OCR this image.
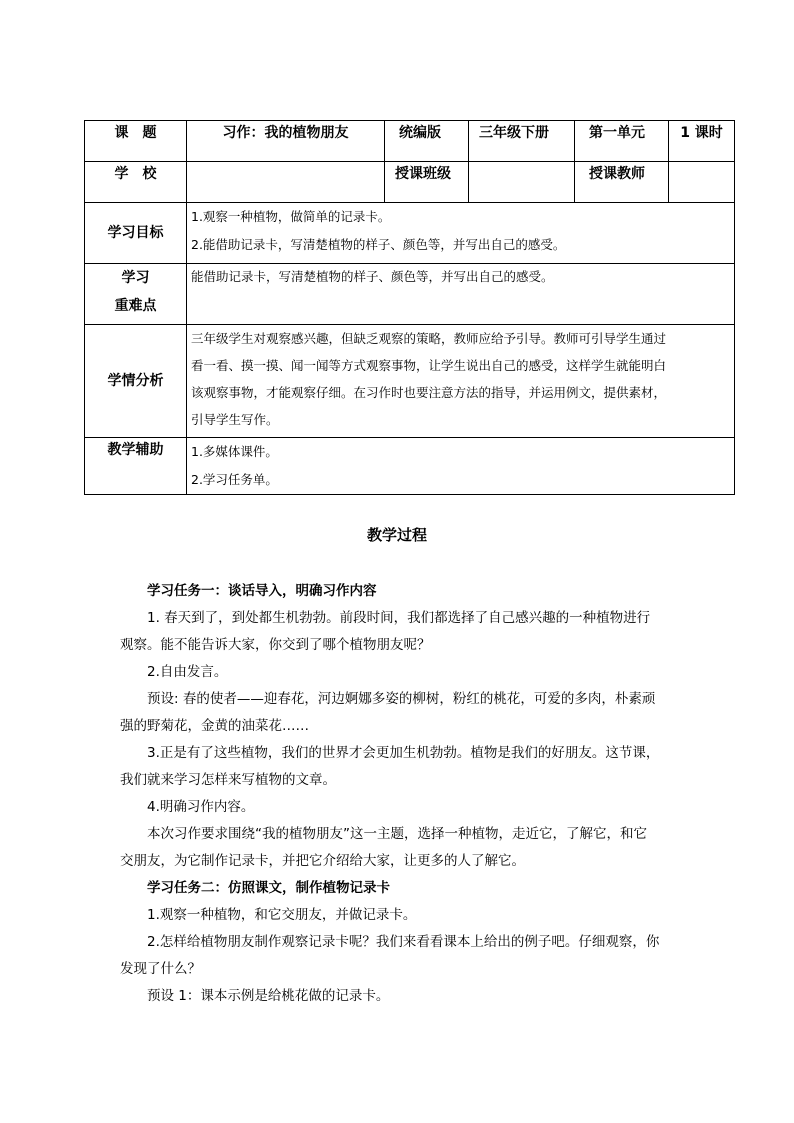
课　题	习作：我的植物朋友	统编版	三年级下册	第一单元	1 课时
学　校		授课班级		授课教师	
学习目标	1.观察一种植物，做简单的记录卡。
2.能借助记录卡，写清楚植物的样子、颜色等，并写出自己的感受。				

学习
重难点	能借助记录卡，写清楚植物的样子、颜色等，并写出自己的感受。				
学情分析	三年级学生对观察感兴趣，但缺乏观察的策略，教师应给予引导。教师可引导学生通过
看一看、摸一摸、闻一闻等方式观察事物，让学生说出自己的感受，这样学生就能明白
该观察事物，才能观察仔细。在习作时也要注意方法的指导，并运用例文，提供素材，
引导学生写作。				

教学辅助	1.多媒体课件。
2.学习任务单。				
教学过程

学习任务一：谈话导入，明确习作内容

1. 春天到了，到处都生机勃勃。前段时间，我们都选择了自己感兴趣的一种植物进行

观察。能不能告诉大家，你交到了哪个植物朋友呢？

2.自由发言。

预设: 春的使者——迎春花，河边婀娜多姿的柳树，粉红的桃花，可爱的多肉，朴素顽

强的野菊花，金黄的油菜花……

3.正是有了这些植物，我们的世界才会更加生机勃勃。植物是我们的好朋友。这节课，

我们就来学习怎样来写植物的文章。

4.明确习作内容。

本次习作要求围绕“我的植物朋友”这一主题，选择一种植物，走近它，了解它，和它

交朋友，为它制作记录卡，并把它介绍给大家，让更多的人了解它。

学习任务二：仿照课文，制作植物记录卡

1.观察一种植物，和它交朋友，并做记录卡。

2.怎样给植物朋友制作观察记录卡呢？我们来看看课本上给出的例子吧。仔细观察，你

发现了什么？

预设 1：课本示例是给桃花做的记录卡。
